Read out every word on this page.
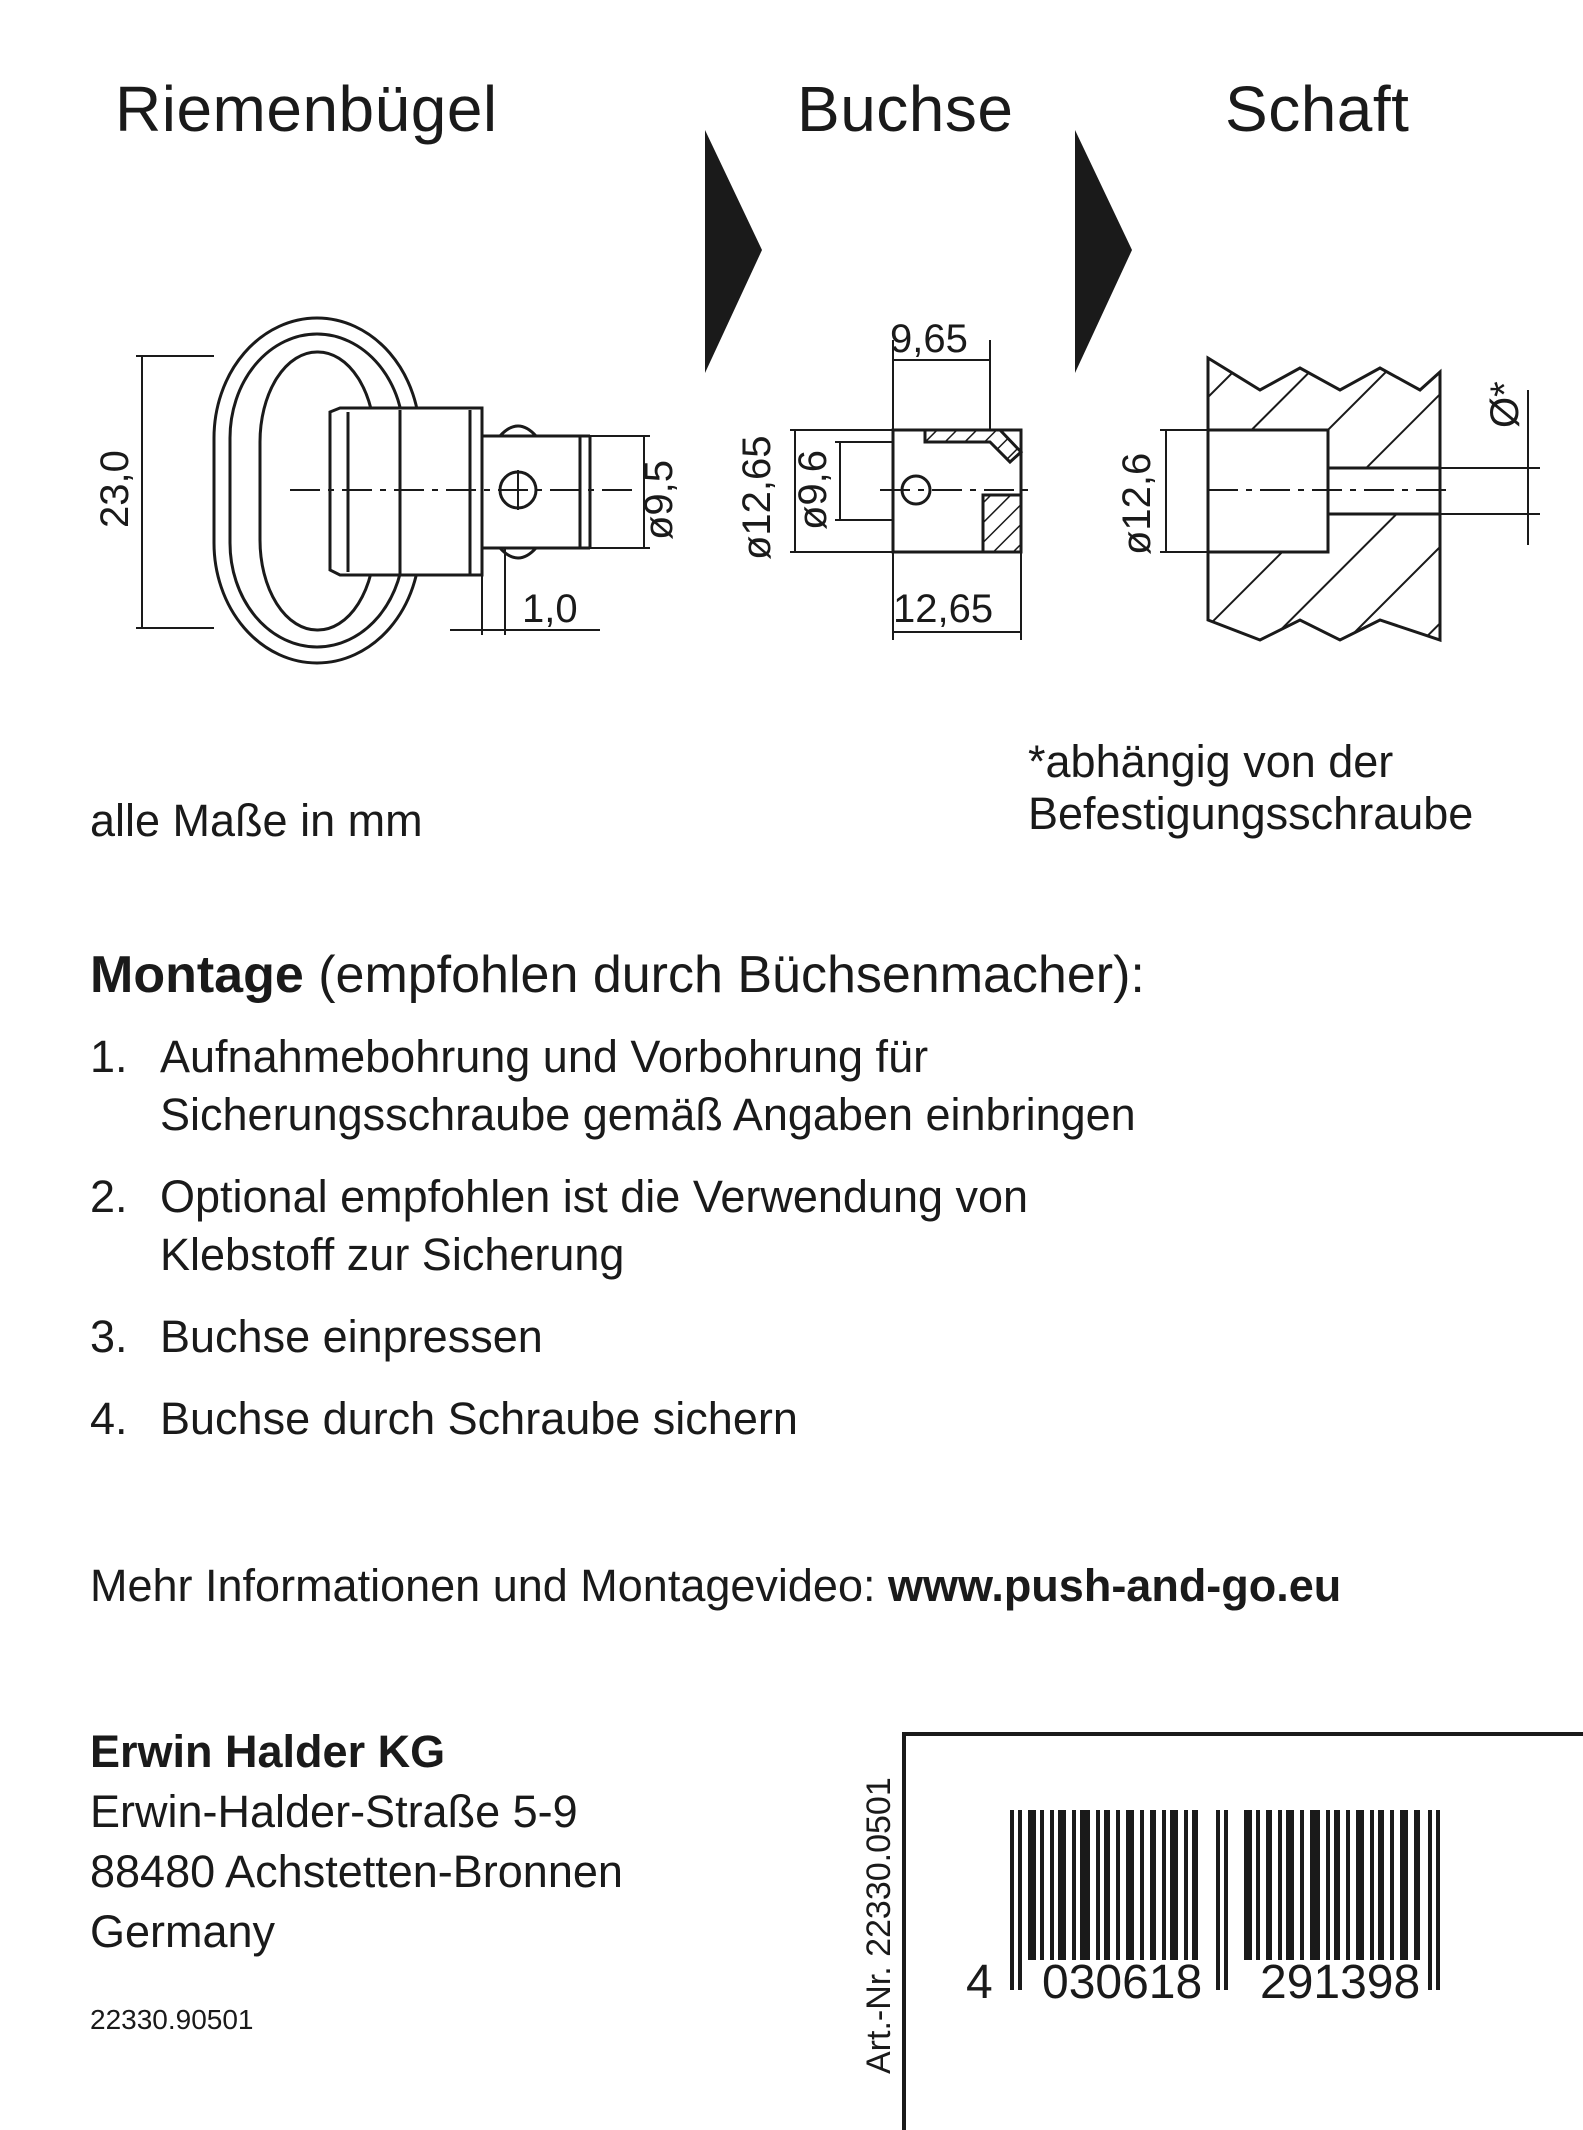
Riemenbügel	Buchse	Schaft
23,0	ø9,5
1,0
9,65
ø12,65 ø9,6
12,65
ø12,6
Ø*
alle Maße in mm
*abhängig von der
Befestigungsschraube
Montage (empfohlen durch Büchsenmacher):
1. Aufnahmebohrung und Vorbohrung für Sicherungsschraube gemäß Angaben einbringen
2. Optional empfohlen ist die Verwendung von Klebstoff zur Sicherung
3. Buchse einpressen
4. Buchse durch Schraube sichern
Mehr Informationen und Montagevideo: www.push-and-go.eu
Erwin Halder KG
Erwin-Halder-Straße 5-9
88480 Achstetten-Bronnen
Germany
22330.90501	Art.-Nr. 22330.0501 4 030618 291398
